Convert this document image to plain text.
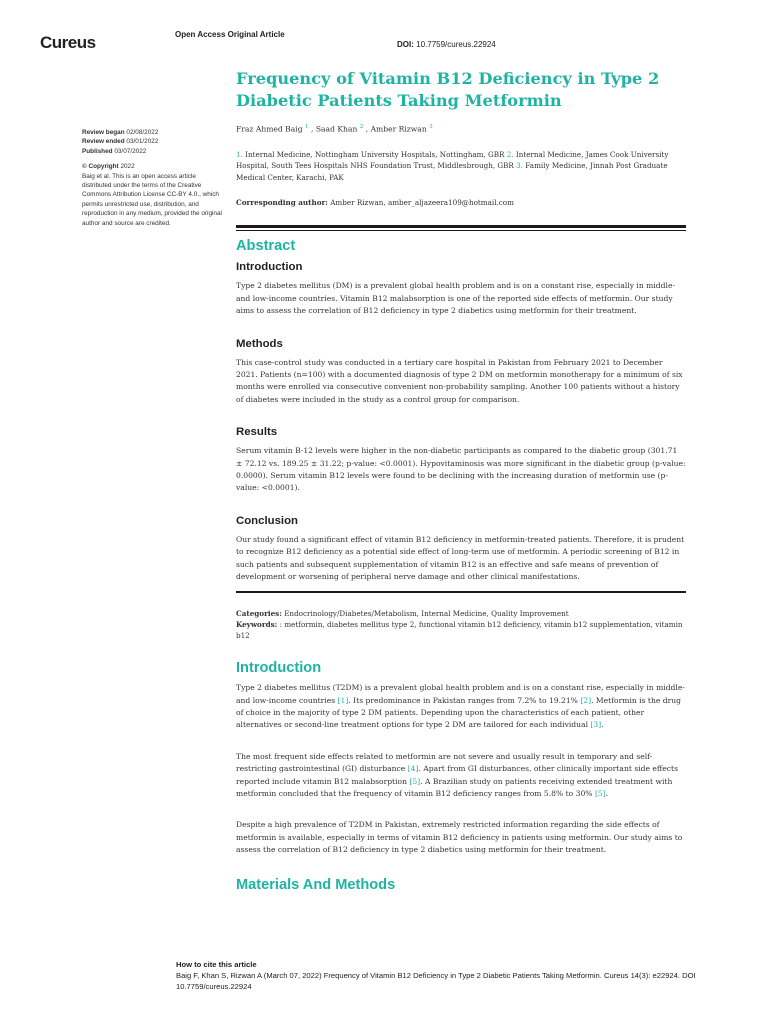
Cureus	Open Access Original Article
DOI: 10.7759/cureus.22924
Review began 02/08/2022
Review ended 03/01/2022
Published 03/07/2022
© Copyright 2022
Baig et al. This is an open access article distributed under the terms of the Creative Commons Attribution License CC-BY 4.0., which permits unrestricted use, distribution, and reproduction in any medium, provided the original author and source are credited.
Frequency of Vitamin B12 Deficiency in Type 2 Diabetic Patients Taking Metformin
Fraz Ahmed Baig $^1$ , Saad Khan $^2$ , Amber Rizwan $^3$
1. Internal Medicine, Nottingham University Hospitals, Nottingham, GBR 2. Internal Medicine, James Cook University Hospital, South Tees Hospitals NHS Foundation Trust, Middlesbrough, GBR 3. Family Medicine, Jinnah Post Graduate Medical Center, Karachi, PAK
Corresponding author: Amber Rizwan, amber_aljazeera109@hotmail.com
Abstract
Introduction

Type 2 diabetes mellitus (DM) is a prevalent global health problem and is on a constant rise, especially in middle- and low-income countries. Vitamin B12 malabsorption is one of the reported side effects of metformin. Our study aims to assess the correlation of B12 deficiency in type 2 diabetics using metformin for their treatment.

Methods

This case-control study was conducted in a tertiary care hospital in Pakistan from February 2021 to December 2021. Patients (n=100) with a documented diagnosis of type 2 DM on metformin monotherapy for a minimum of six months were enrolled via consecutive convenient non-probability sampling. Another 100 patients without a history of diabetes were included in the study as a control group for comparison.

Results

Serum vitamin B-12 levels were higher in the non-diabetic participants as compared to the diabetic group (301.71 ± 72.12 vs. 189.25 ± 31.22; p-value: <0.0001). Hypovitaminosis was more significant in the diabetic group (p-value: 0.0000). Serum vitamin B12 levels were found to be declining with the increasing duration of metformin use (p-value: <0.0001).

Conclusion

Our study found a significant effect of vitamin B12 deficiency in metformin-treated patients. Therefore, it is prudent to recognize B12 deficiency as a potential side effect of long-term use of metformin. A periodic screening of B12 in such patients and subsequent supplementation of vitamin B12 is an effective and safe means of prevention of development or worsening of peripheral nerve damage and other clinical manifestations.

Categories: Endocrinology/Diabetes/Metabolism, Internal Medicine, Quality Improvement
Keywords: : metformin, diabetes mellitus type 2, functional vitamin b12 deficiency, vitamin b12 supplementation, vitamin b12
Introduction

Type 2 diabetes mellitus (T2DM) is a prevalent global health problem and is on a constant rise, especially in middle- and low-income countries [1]. Its predominance in Pakistan ranges from 7.2% to 19.21% [2]. Metformin is the drug of choice in the majority of type 2 DM patients. Depending upon the characteristics of each patient, other alternatives or second-line treatment options for type 2 DM are tailored for each individual [3].

The most frequent side effects related to metformin are not severe and usually result in temporary and self-restricting gastrointestinal (GI) disturbance [4]. Apart from GI disturbances, other clinically important side effects reported include vitamin B12 malabsorption [5]. A Brazilian study on patients receiving extended treatment with metformin concluded that the frequency of vitamin B12 deficiency ranges from 5.8% to 30% [5].

Despite a high prevalence of T2DM in Pakistan, extremely restricted information regarding the side effects of metformin is available, especially in terms of vitamin B12 deficiency in patients using metformin. Our study aims to assess the correlation of B12 deficiency in type 2 diabetics using metformin for their treatment.

Materials And Methods
How to cite this article
Baig F, Khan S, Rizwan A (March 07, 2022) Frequency of Vitamin B12 Deficiency in Type 2 Diabetic Patients Taking Metformin. Cureus 14(3): e22924. DOI 10.7759/cureus.22924
